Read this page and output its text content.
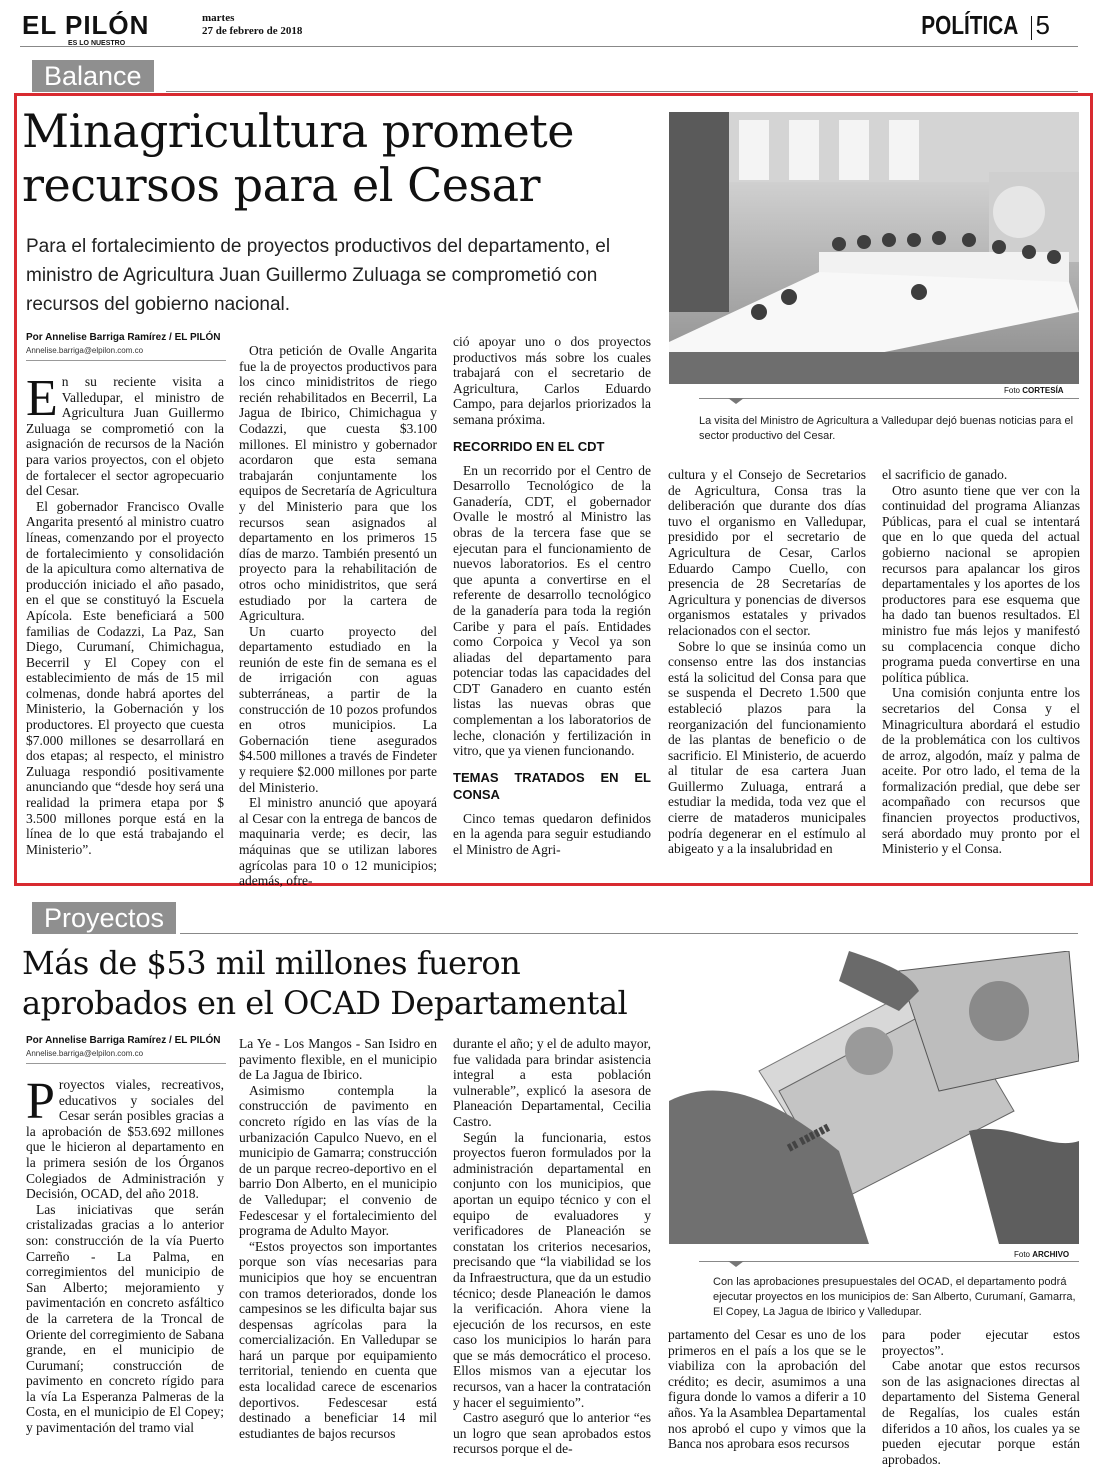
EL PILÓN
ES LO NUESTRO
martes
27 de febrero de 2018	POLÍTICA 5
Balance
Minagricultura promete recursos para el Cesar
Para el fortalecimiento de proyectos productivos del departamento, el ministro de Agricultura Juan Guillermo Zuluaga se comprometió con recursos del gobierno nacional.
Por Annelise Barriga Ramírez / EL PILÓN
Annelise.barriga@elpilon.com.co
Foto CORTESÍA
La visita del Ministro de Agricultura a Valledupar dejó buenas noticias para el sector productivo del Cesar.

En su reciente visita a Valledupar, el ministro de Agricultura Juan Guillermo Zuluaga se comprometió con la asignación de recursos de la Nación para varios proyectos, con el objeto de fortalecer el sector agropecuario del Cesar.

El gobernador Francisco Ovalle Angarita presentó al ministro cuatro líneas, comenzando por el proyecto de fortalecimiento y consolidación de la apicultura como alternativa de producción iniciado el año pasado, en el que se constituyó la Escuela Apícola. Este beneficiará a 500 familias de Codazzi, La Paz, San Diego, Curumaní, Chimichagua, Becerril y El Copey con el establecimiento de más de 15 mil colmenas, donde habrá aportes del Ministerio, la Gobernación y los productores. El proyecto que cuesta $7.000 millones se desarrollará en dos etapas; al respecto, el ministro Zuluaga respondió positivamente anunciando que “desde hoy será una realidad la primera etapa por $ 3.500 millones porque está en la línea de lo que está trabajando el Ministerio”.

Otra petición de Ovalle Angarita fue la de proyectos productivos para los cinco minidistritos de riego recién rehabilitados en Becerril, La Jagua de Ibirico, Chimichagua y Codazzi, que cuesta $3.100 millones. El ministro y gobernador acordaron que esta semana trabajarán conjuntamente los equipos de Secretaría de Agricultura y del Ministerio para que los recursos sean asignados al departamento en los primeros 15 días de marzo. También presentó un proyecto para la rehabilitación de otros ocho minidistritos, que será estudiado por la cartera de Agricultura.

Un cuarto proyecto del departamento estudiado en la reunión de este fin de semana es el de irrigación con aguas subterráneas, a partir de la construcción de 10 pozos profundos en otros municipios. La Gobernación tiene asegurados $4.500 millones a través de Findeter y requiere $2.000 millones por parte del Ministerio.

El ministro anunció que apoyará al Cesar con la entrega de bancos de maquinaria verde; es decir, las máquinas que se utilizan labores agrícolas para 10 o 12 municipios; además, ofre-

ció apoyar uno o dos proyectos productivos más sobre los cuales trabajará con el secretario de Agricultura, Carlos Eduardo Campo, para dejarlos priorizados la semana próxima.

RECORRIDO EN EL CDT

En un recorrido por el Centro de Desarrollo Tecnológico de la Ganadería, CDT, el gobernador Ovalle le mostró al Ministro las obras de la tercera fase que se ejecutan para el funcionamiento de nuevos laboratorios. Es el centro que apunta a convertirse en el referente de desarrollo tecnológico de la ganadería para toda la región Caribe y para el país. Entidades como Corpoica y Vecol ya son aliadas del departamento para potenciar todas las capacidades del CDT Ganadero en cuanto estén listas las nuevas obras que complementan a los laboratorios de leche, clonación y fertilización in vitro, que ya vienen funcionando.

TEMAS TRATADOS EN EL CONSA

Cinco temas quedaron definidos en la agenda para seguir estudiando el Ministro de Agri-

cultura y el Consejo de Secretarios de Agricultura, Consa tras la deliberación que durante dos días tuvo el organismo en Valledupar, presidido por el secretario de Agricultura de Cesar, Carlos Eduardo Campo Cuello, con presencia de 28 Secretarías de Agricultura y ponencias de diversos organismos estatales y privados relacionados con el sector.

Sobre lo que se insinúa como un consenso entre las dos instancias está la solicitud del Consa para que se suspenda el Decreto 1.500 que estableció plazos para la reorganización del funcionamiento de las plantas de beneficio o de sacrificio. El Ministerio, de acuerdo al titular de esa cartera Juan Guillermo Zuluaga, entrará a estudiar la medida, toda vez que el cierre de mataderos municipales podría degenerar en el estímulo al abigeato y a la insalubridad en

el sacrificio de ganado.

Otro asunto tiene que ver con la continuidad del programa Alianzas Públicas, para el cual se intentará que en lo que queda del actual gobierno nacional se apropien recursos para apalancar los giros departamentales y los aportes de los productores para ese esquema que ha dado tan buenos resultados. El ministro fue más lejos y manifestó su complacencia conque dicho programa pueda convertirse en una política pública.

Una comisión conjunta entre los secretarios del Consa y el Minagricultura abordará el estudio de la problemática con los cultivos de arroz, algodón, maíz y palma de aceite. Por otro lado, el tema de la formalización predial, que debe ser acompañado con recursos que financien proyectos productivos, será abordado muy pronto por el Ministerio y el Consa.

Proyectos
Más de $53 mil millones fueron aprobados en el OCAD Departamental
Por Annelise Barriga Ramírez / EL PILÓN
Annelise.barriga@elpilon.com.co
▮▮ ▮▮▮▮▮▮
Foto ARCHIVO
Con las aprobaciones presupuestales del OCAD, el departamento podrá ejecutar proyectos en los municipios de: San Alberto, Curumaní, Gamarra, El Copey, La Jagua de Ibirico y Valledupar.

Proyectos viales, recreativos, educativos y sociales del Cesar serán posibles gracias a la aprobación de $53.692 millones que le hicieron al departamento en la primera sesión de los Órganos Colegiados de Administración y Decisión, OCAD, del año 2018.

Las iniciativas que serán cristalizadas gracias a lo anterior son: construcción de la vía Puerto Carreño - La Palma, en corregimientos del municipio de San Alberto; mejoramiento y pavimentación en concreto asfáltico de la carretera de la Troncal de Oriente del corregimiento de Sabana grande, en el municipio de Curumaní; construcción de pavimento en concreto rígido para la vía La Esperanza Palmeras de la Costa, en el municipio de El Copey; y pavimentación del tramo vial

La Ye - Los Mangos - San Isidro en pavimento flexible, en el municipio de La Jagua de Ibirico.

Asimismo contempla la construcción de pavimento en concreto rígido en las vías de la urbanización Capulco Nuevo, en el municipio de Gamarra; construcción de un parque recreo-deportivo en el barrio Don Alberto, en el municipio de Valledupar; el convenio de Fedescesar y el fortalecimiento del programa de Adulto Mayor.

“Estos proyectos son importantes porque son vías necesarias para municipios que hoy se encuentran con tramos deteriorados, donde los campesinos se les dificulta bajar sus despensas agrícolas para la comercialización. En Valledupar se hará un parque por equipamiento territorial, teniendo en cuenta que esta localidad carece de escenarios deportivos. Fedescesar está destinado a beneficiar 14 mil estudiantes de bajos recursos

durante el año; y el de adulto mayor, fue validada para brindar asistencia integral a esta población vulnerable”, explicó la asesora de Planeación Departamental, Cecilia Castro.

Según la funcionaria, estos proyectos fueron formulados por la administración departamental en conjunto con los municipios, que aportan un equipo técnico y con el equipo de evaluadores y verificadores de Planeación se constatan los criterios necesarios, precisando que “la viabilidad se los da Infraestructura, que da un estudio técnico; desde Planeación le damos la verificación. Ahora viene la ejecución de los recursos, en este caso los municipios lo harán para que se más democrático el proceso. Ellos mismos van a ejecutar los recursos, van a hacer la contratación y hacer el seguimiento”.

Castro aseguró que lo anterior “es un logro que sean aprobados estos recursos porque el de-

partamento del Cesar es uno de los primeros en el país a los que se le viabiliza con la aprobación del crédito; es decir, asumimos a una figura donde lo vamos a diferir a 10 años. Ya la Asamblea Departamental nos aprobó el cupo y vimos que la Banca nos aprobara esos recursos

para poder ejecutar estos proyectos”.

Cabe anotar que estos recursos son de las asignaciones directas al departamento del Sistema General de Regalías, los cuales están diferidos a 10 años, los cuales ya se pueden ejecutar porque están aprobados.
